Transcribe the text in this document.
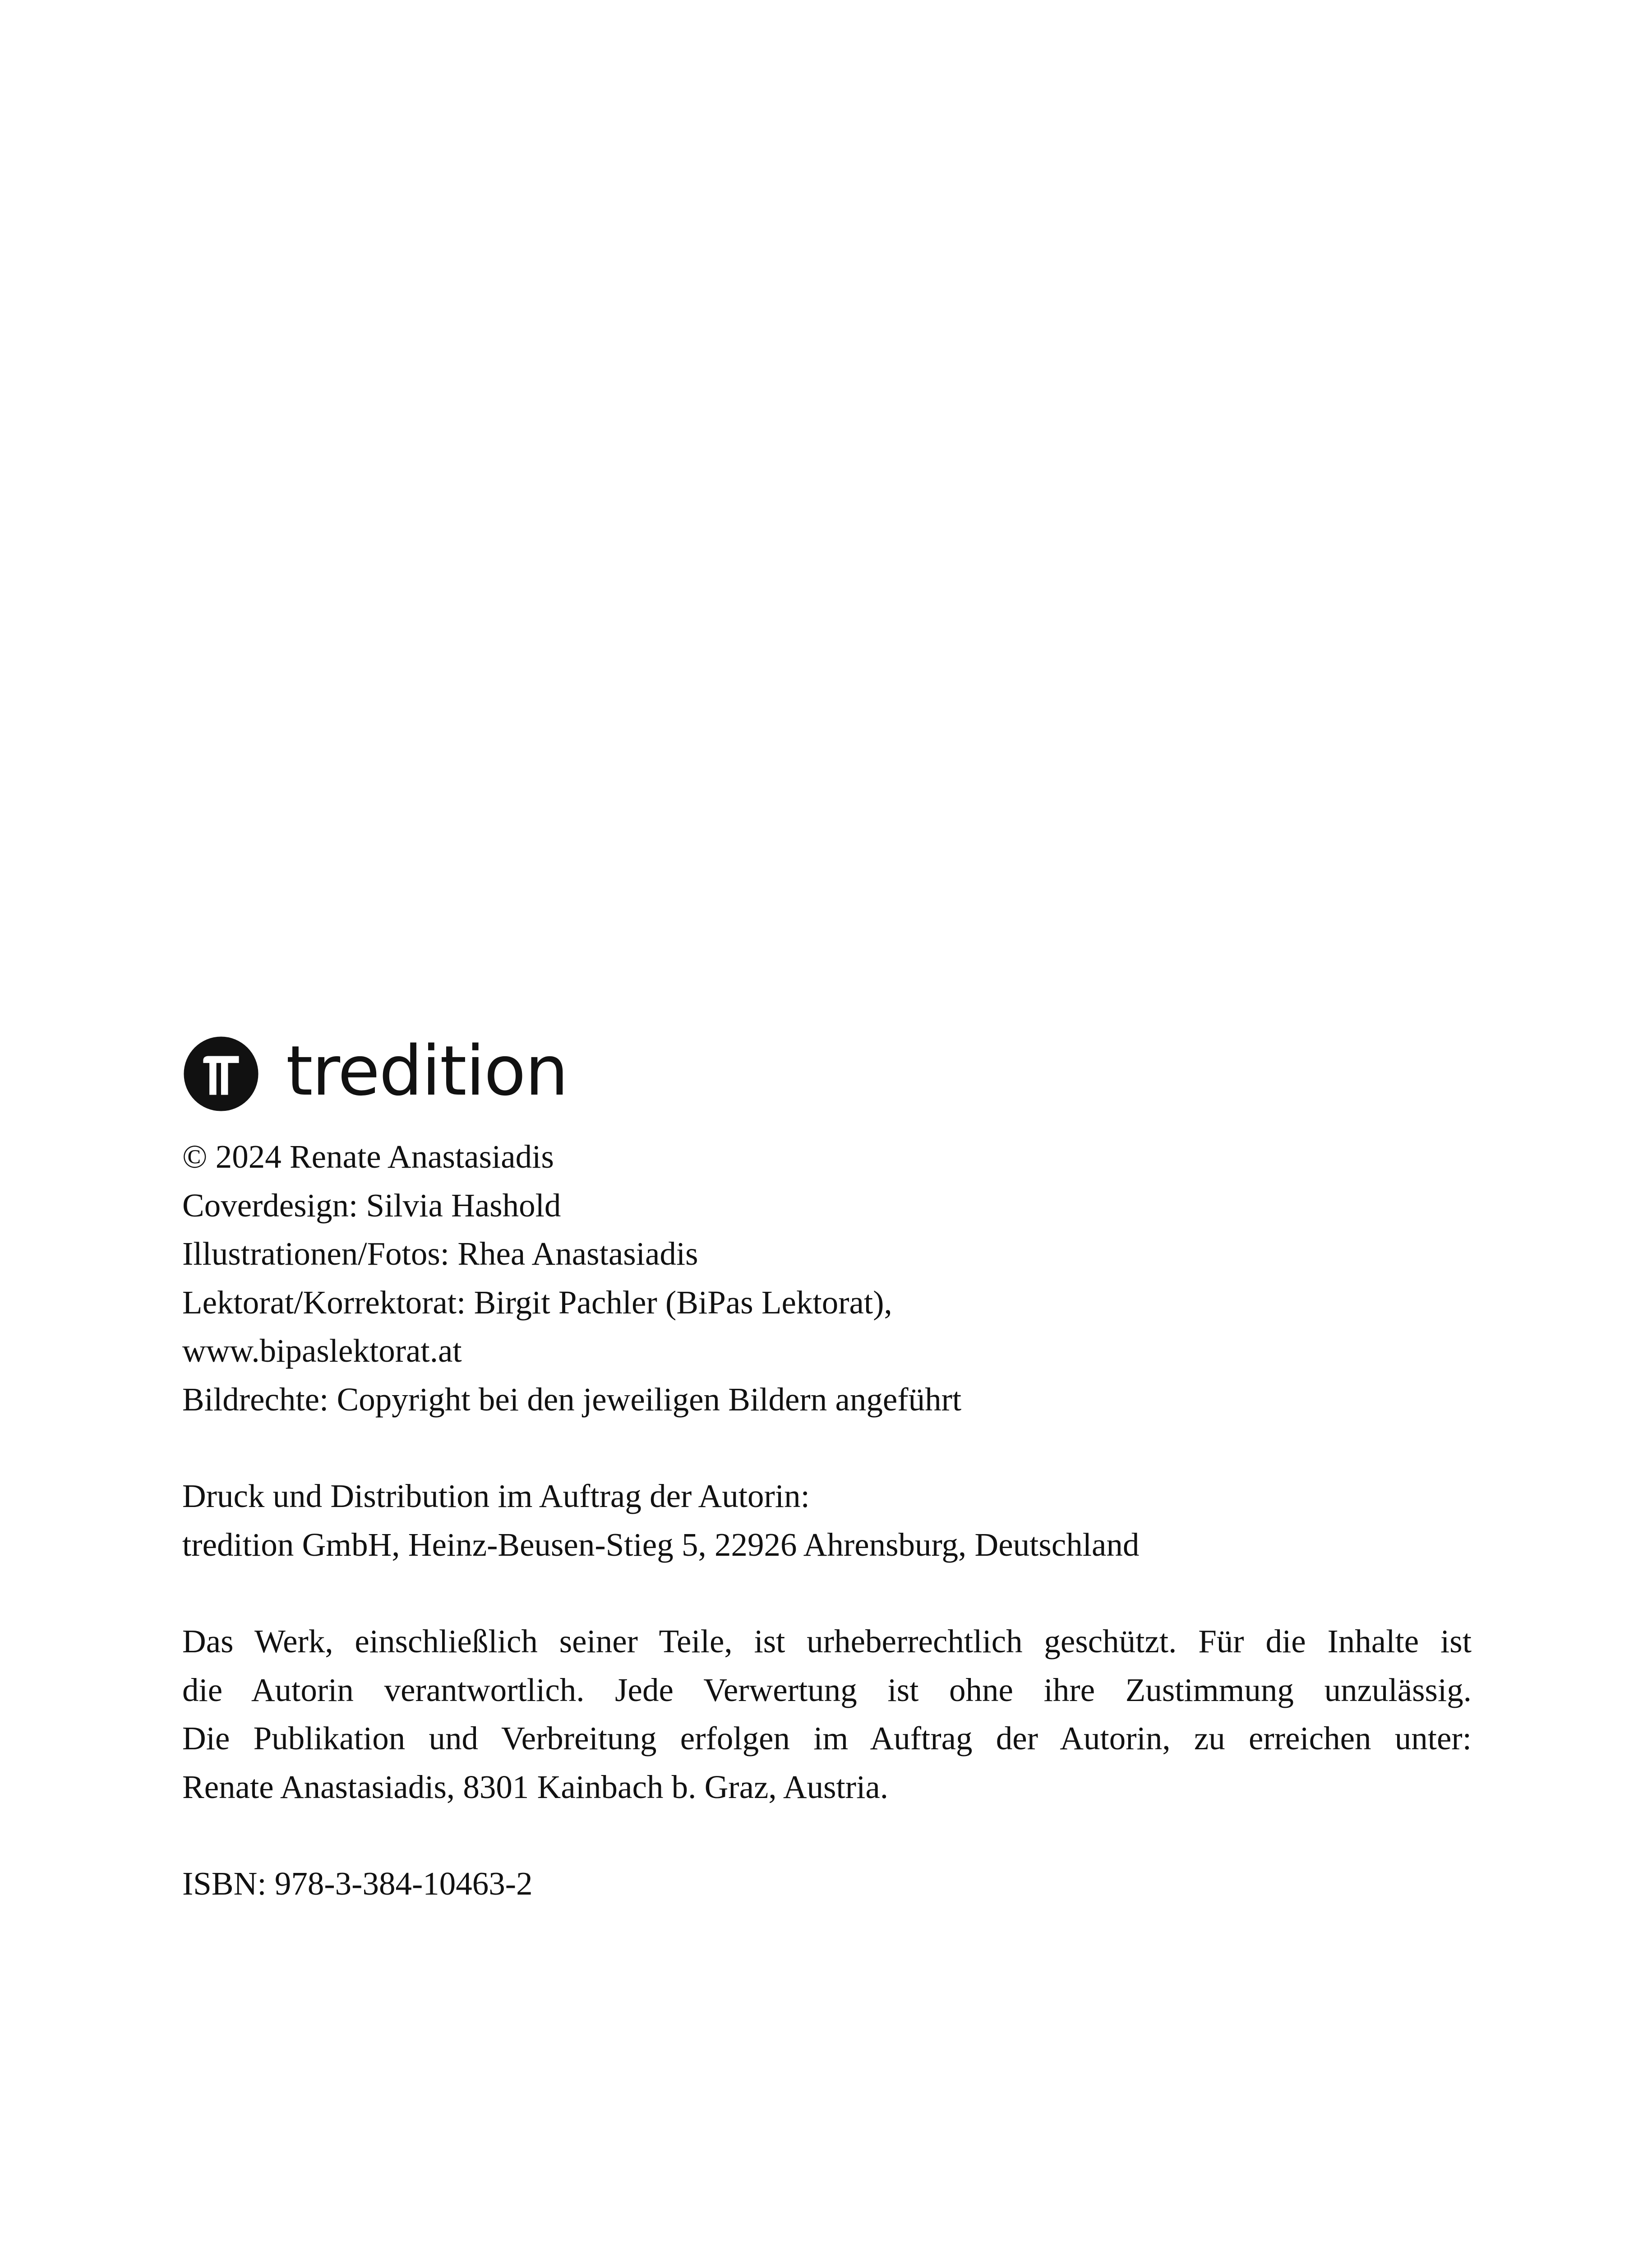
tredition
© 2024 Renate Anastasiadis
Coverdesign: Silvia Hashold
Illustrationen/Fotos: Rhea Anastasiadis
Lektorat/Korrektorat: Birgit Pachler (BiPas Lektorat),
www.bipaslektorat.at
Bildrechte: Copyright bei den jeweiligen Bildern angeführt
Druck und Distribution im Auftrag der Autorin:
tredition GmbH, Heinz-Beusen-Stieg 5, 22926 Ahrensburg, Deutschland
Das Werk, einschließlich seiner Teile, ist urheberrechtlich geschützt. Für die Inhalte ist
die Autorin verantwortlich. Jede Verwertung ist ohne ihre Zustimmung unzulässig.
Die Publikation und Verbreitung erfolgen im Auftrag der Autorin, zu erreichen unter:
Renate Anastasiadis, 8301 Kainbach b. Graz, Austria.
ISBN: 978-3-384-10463-2
